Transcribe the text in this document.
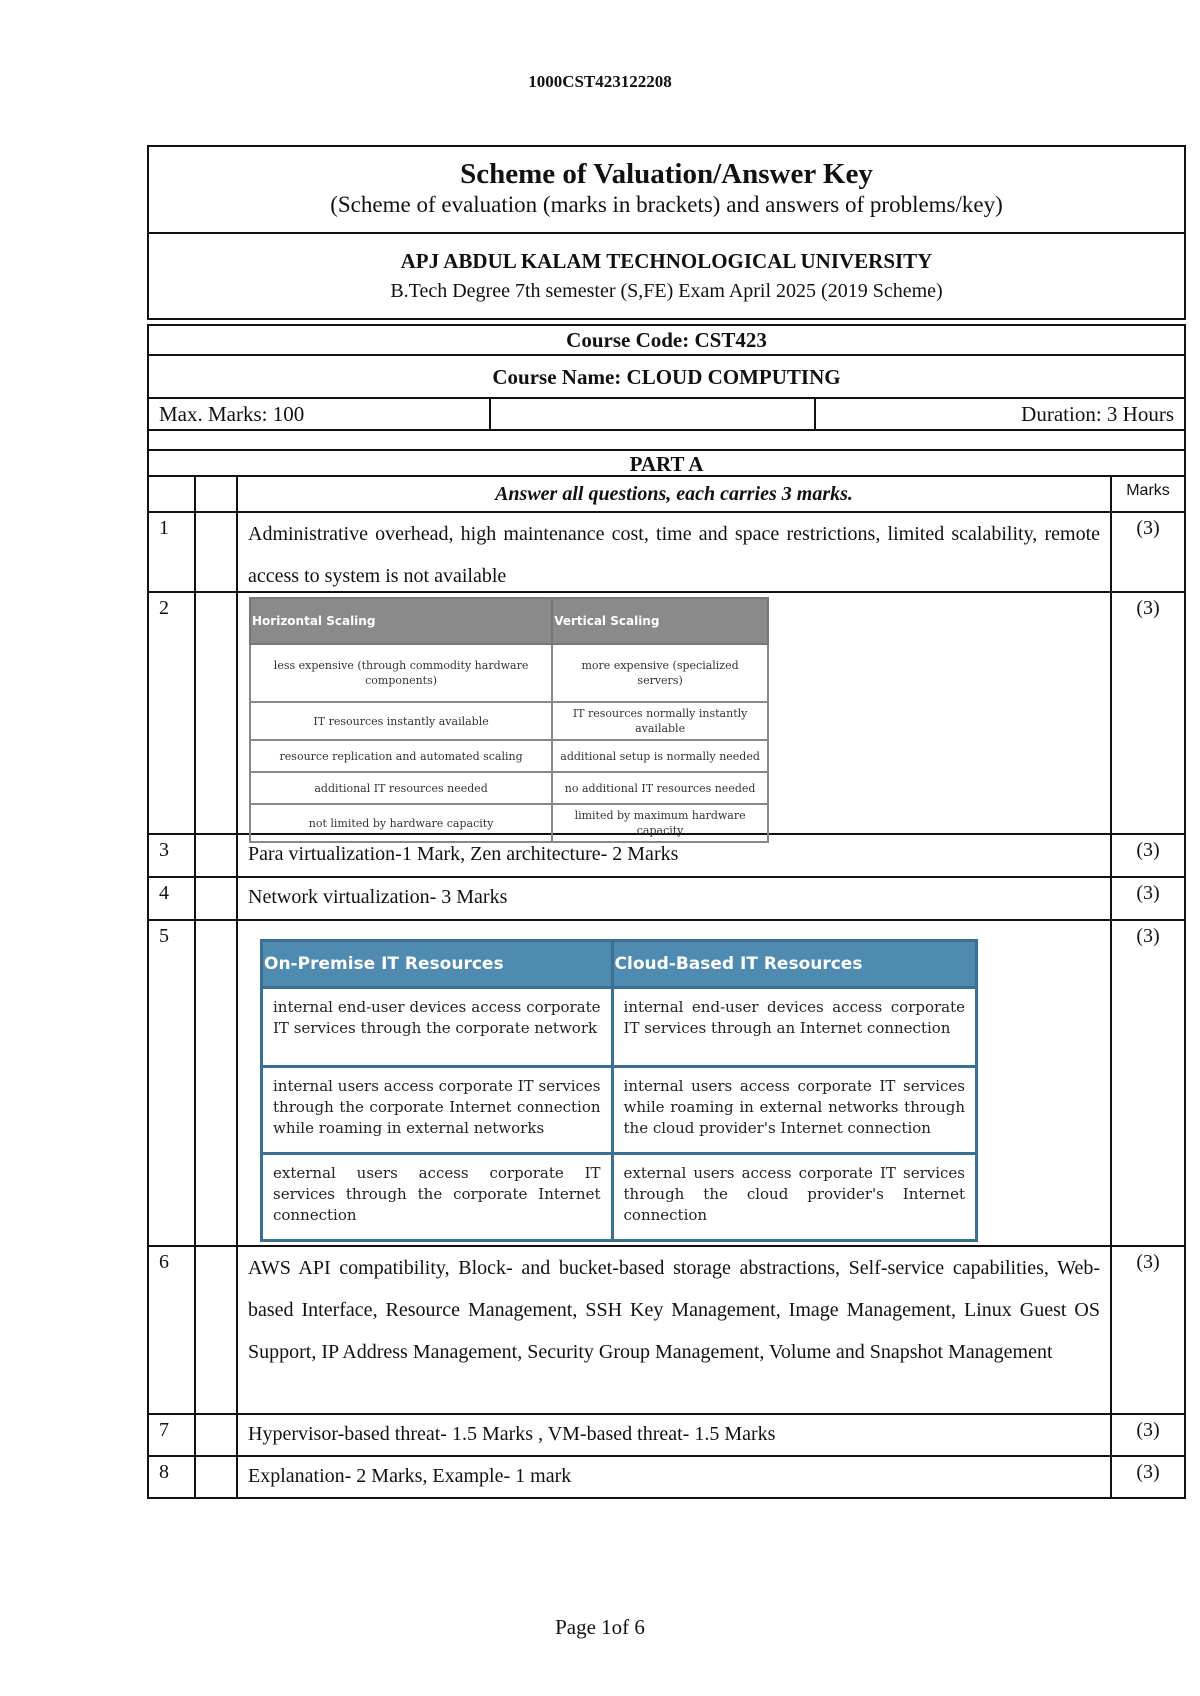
1000CST423122208
Scheme of Valuation/Answer Key
(Scheme of evaluation (marks in brackets) and answers of problems/key)
APJ ABDUL KALAM TECHNOLOGICAL UNIVERSITY
B.Tech Degree 7th semester (S,FE) Exam April 2025 (2019 Scheme)
Course Code: CST423
Course Name: CLOUD COMPUTING
Max. Marks: 100	Duration: 3 Hours
PART A
Answer all questions, each carries 3 marks.	Marks
1	Administrative overhead, high maintenance cost, time and space restrictions, limited scalability, remote access to system is not available
(3)
2
Horizontal Scaling	Vertical Scaling
less expensive (through commodity hardware components)	more expensive (specialized servers)
IT resources instantly available	IT resources normally instantly available
resource replication and automated scaling	additional setup is normally needed
additional IT resources needed	no additional IT resources needed
not limited by hardware capacity	limited by maximum hardware capacity
(3)
3	Para virtualization-1 Mark, Zen architecture- 2 Marks	(3)
4	Network virtualization- 3 Marks	(3)
5
On-Premise IT Resources	Cloud-Based IT Resources
internal end-user devices access corporate IT services through the corporate network	internal end-user devices access corporate IT services through an Internet connection
internal users access corporate IT services through the corporate Internet connection while roaming in external networks	internal users access corporate IT services while roaming in external networks through the cloud provider's Internet connection
external users access corporate IT services through the corporate Internet connection	external users access corporate IT services through the cloud provider's Internet connection
(3)
6	AWS API compatibility, Block- and bucket-based storage abstractions, Self-service capabilities, Web-based Interface, Resource Management, SSH Key Management, Image Management, Linux Guest OS Support, IP Address Management, Security Group Management, Volume and Snapshot Management
(3)
7	Hypervisor-based threat- 1.5 Marks , VM-based threat- 1.5 Marks	(3)
8	Explanation- 2 Marks, Example- 1 mark	(3)
Page 1of 6
